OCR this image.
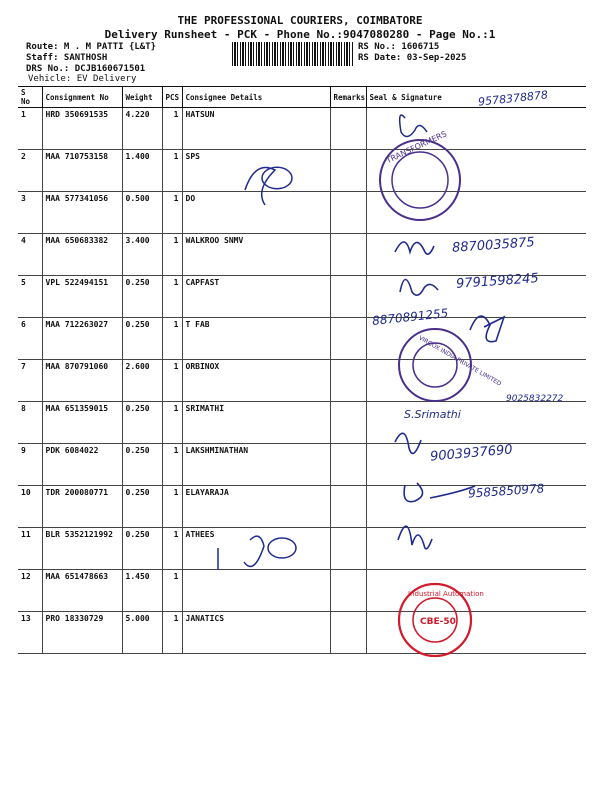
THE PROFESSIONAL COURIERS, COIMBATORE
Delivery Runsheet - PCK - Phone No.:9047080280 - Page No.:1
Route: M . M PATTI {L&T}
Staff: SANTHOSH
DRS No.: DCJB160671501
Vehicle: EV Delivery
RS No.: 1606715
RS Date: 03-Sep-2025
S No	Consignment No	Weight	PCS	Consignee Details	Remarks	Seal & Signature
1	HRD 350691535	4.220	1	HATSUN		
2	MAA 710753158	1.400	1	SPS		
3	MAA 577341056	0.500	1	DO		
4	MAA 650683382	3.400	1	WALKROO SNMV		
5	VPL 522494151	0.250	1	CAPFAST		
6	MAA 712263027	0.250	1	T FAB		
7	MAA 870791060	2.600	1	ORBINOX		
8	MAA 651359015	0.250	1	SRIMATHI		
9	PDK 6084022	0.250	1	LAKSHMINATHAN		
10	TDR 200080771	0.250	1	ELAYARAJA		
11	BLR 5352121992	0.250	1	ATHEES		
12	MAA 651478663	1.450	1			
13	PRO 18330729	5.000	1	JANATICS		
TRANSFORMERS
VIRGOX INDIA PRIVATE LIMITED
Industrial Automation
CBE-50
9578378878
8870035875
9791598245
8870891255
9025832272
S.Srimathi
9003937690
9585850978
